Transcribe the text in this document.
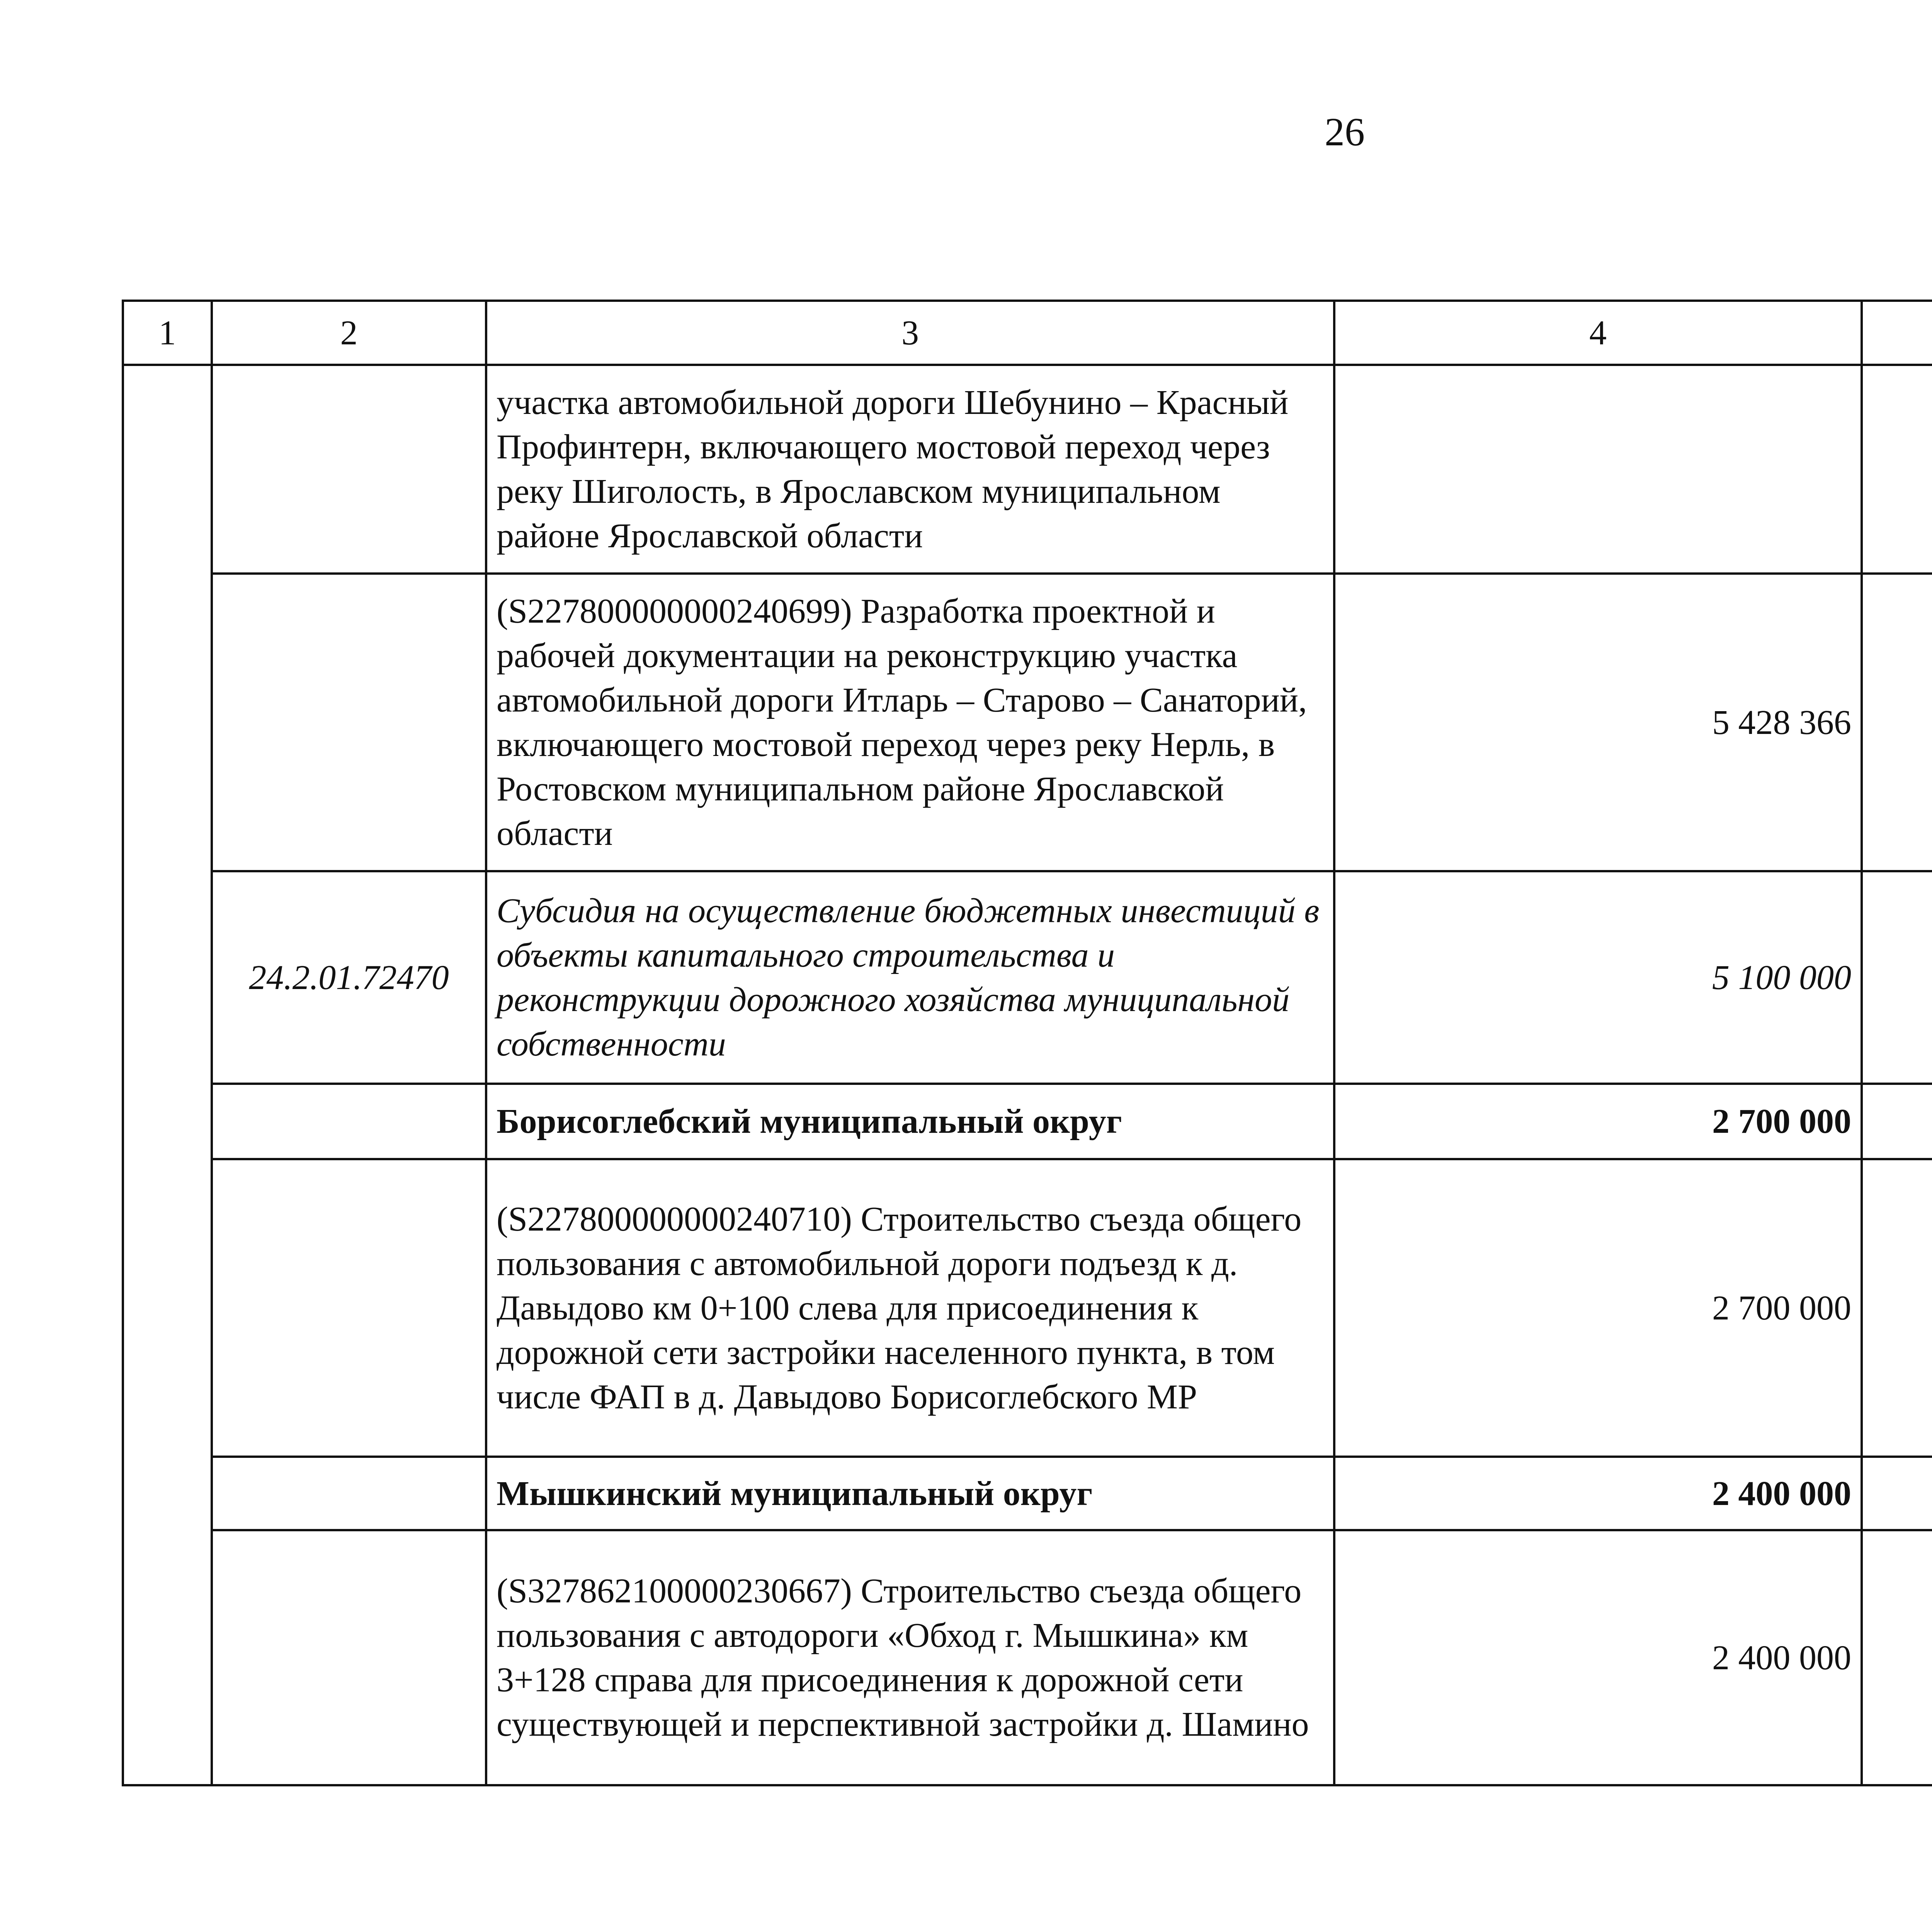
26
1	2	3	4			
		участка автомобильной дороги Шебунино – Красный Профинтерн, включающего мостовой переход через реку Шиголость, в Ярославском муниципальном районе Ярославской области				
		(S227800000000240699) Разработка проектной и рабочей документации на реконструкцию участка автомобильной дороги Итларь – Старово – Санаторий, включающего мостовой переход через реку Нерль, в Ростовском муниципальном районе Ярославской области	5 428 366			
	24.2.01.72470	Субсидия на осуществление бюджетных инвестиций в объекты капитального строительства и реконструкции дорожного хозяйства муниципальной собственности	5 100 000			
		Борисоглебский муниципальный округ	2 700 000			
		(S227800000000240710) Строительство съезда общего пользования с автомобильной дороги подъезд к д. Давыдово км 0+100 слева для присоединения к дорожной сети застройки населенного пункта, в том числе ФАП в д. Давыдово Борисоглебского МР	2 700 000			
		Мышкинский муниципальный округ	2 400 000			
		(S327862100000230667) Строительство съезда общего пользования с автодороги «Обход г. Мышкина» км 3+128 справа для присоединения к дорожной сети существующей и перспективной застройки д. Шамино	2 400 000			
